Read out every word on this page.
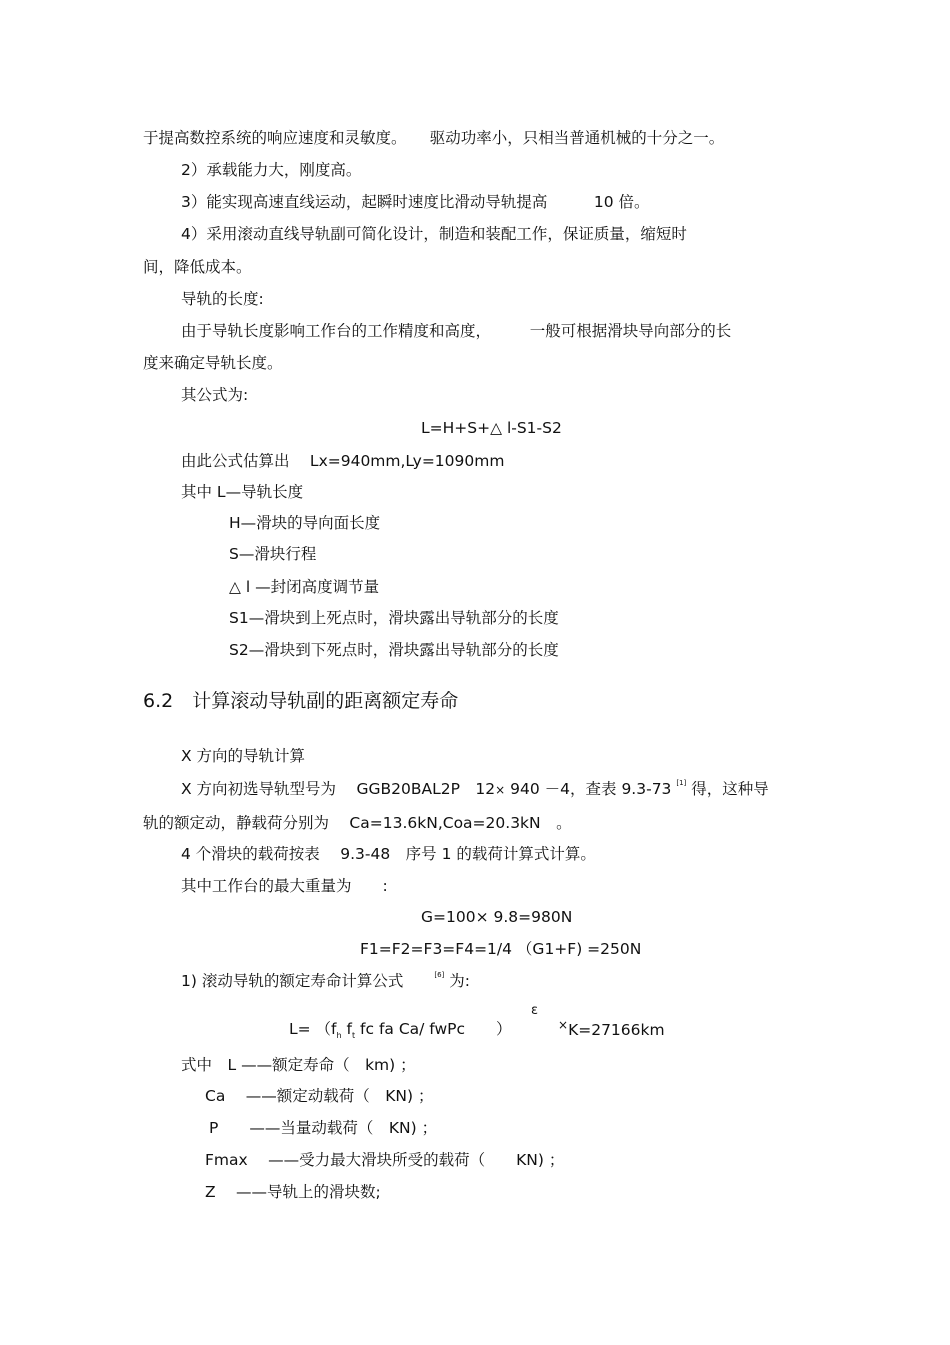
于提高数控系统的响应速度和灵敏度。　　驱动功率小，只相当普通机械的十分之一。
2）承载能力大，刚度高。
3）能实现高速直线运动，起瞬时速度比滑动导轨提高　　　10 倍。
4）采用滚动直线导轨副可简化设计，制造和装配工作，保证质量，缩短时
间，降低成本。
导轨的长度:
由于导轨长度影响工作台的工作精度和高度，　　　一般可根据滑块导向部分的长
度来确定导轨长度。
其公式为:
L=H+S+△ l-S1-S2
由此公式估算出　 Lx=940mm,Ly=1090mm
其中 L—导轨长度
H—滑块的导向面长度
S—滑块行程
△ l —封闭高度调节量
S1—滑块到上死点时，滑块露出导轨部分的长度
S2—滑块到下死点时，滑块露出导轨部分的长度
6.2　计算滚动导轨副的距离额定寿命
X 方向的导轨计算
X 方向初选导轨型号为　 GGB20BAL2P　12× 940 －4，查表 9.3-73 [1] 得，这种导
轨的额定动，静载荷分别为　 Ca=13.6kN,Coa=20.3kN　。
4 个滑块的载荷按表　 9.3-48　序号 1 的载荷计算式计算。
其中工作台的最大重量为　　:
G=100× 9.8=980N
F1=F2=F3=F4=1/4 （G1+F) =250N
1) 滚动导轨的额定寿命计算公式　　[6] 为:
ε
$L= (f_h$ $f_t$ fc fa Ca/ fwPc　　）	×K=27166km
式中　L ——额定寿命（　km) ；
Ca　 ——额定动载荷（　KN) ；
P　　——当量动载荷（　KN) ；
Fmax　 ——受力最大滑块所受的载荷（　　KN) ；
Z　 ——导轨上的滑块数;
